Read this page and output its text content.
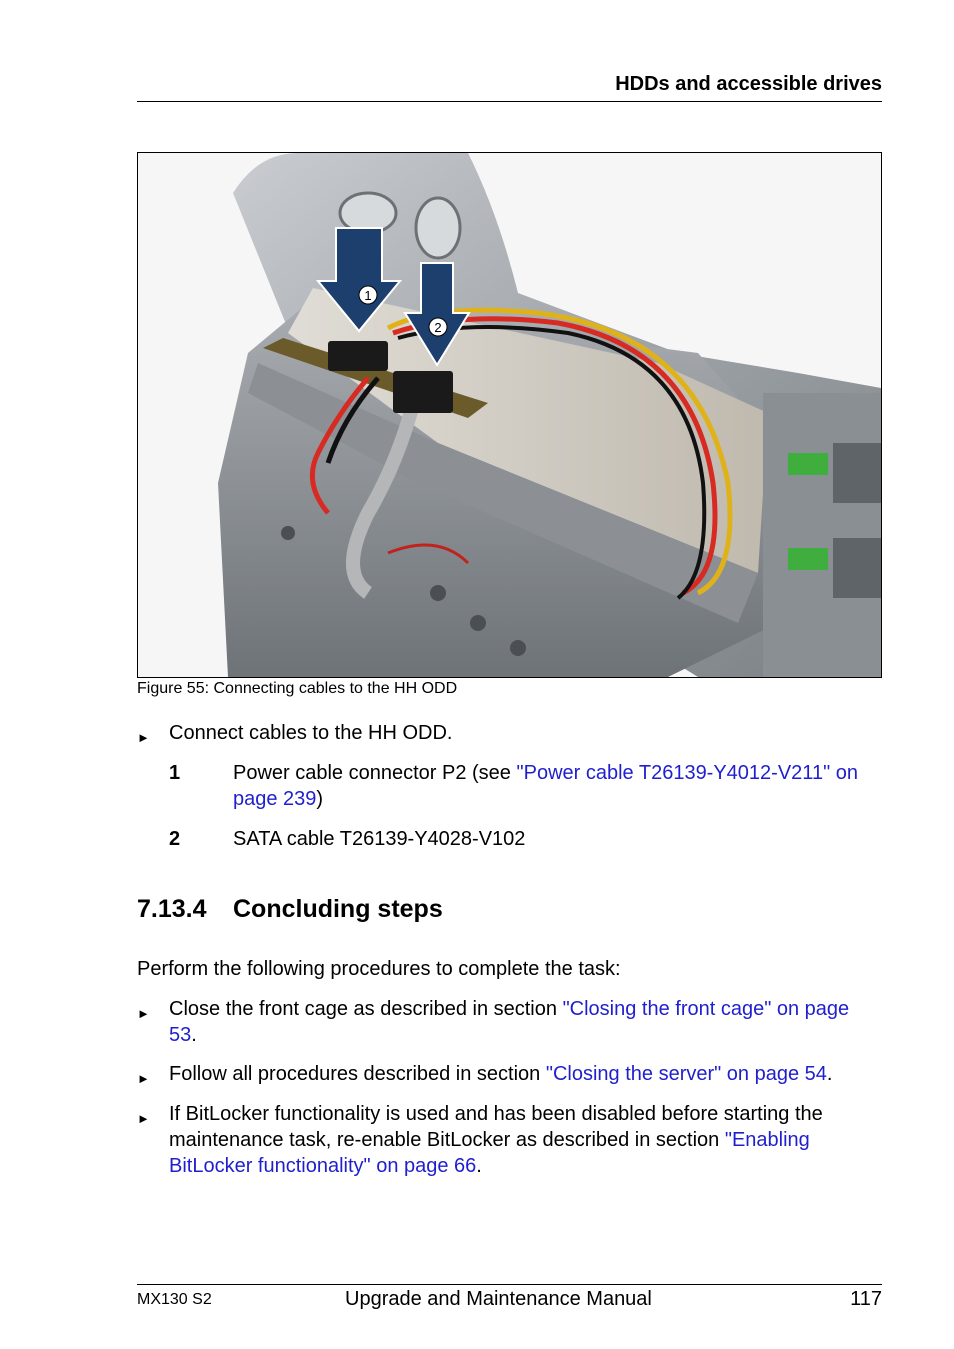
HDDs and accessible drives
1
2
Figure 55: Connecting cables to the HH ODD
► Connect cables to the HH ODD.
1	Power cable connector P2 (see "Power cable T26139-Y4012-V211" on page 239)
2	SATA cable T26139-Y4028-V102
7.13.4 Concluding steps
Perform the following procedures to complete the task:
► Close the front cage as described in section "Closing the front cage" on page 53.
► Follow all procedures described in section "Closing the server" on page 54.
► If BitLocker functionality is used and has been disabled before starting the maintenance task, re-enable BitLocker as described in section "Enabling BitLocker functionality" on page 66.
MX130 S2	Upgrade and Maintenance Manual	117
